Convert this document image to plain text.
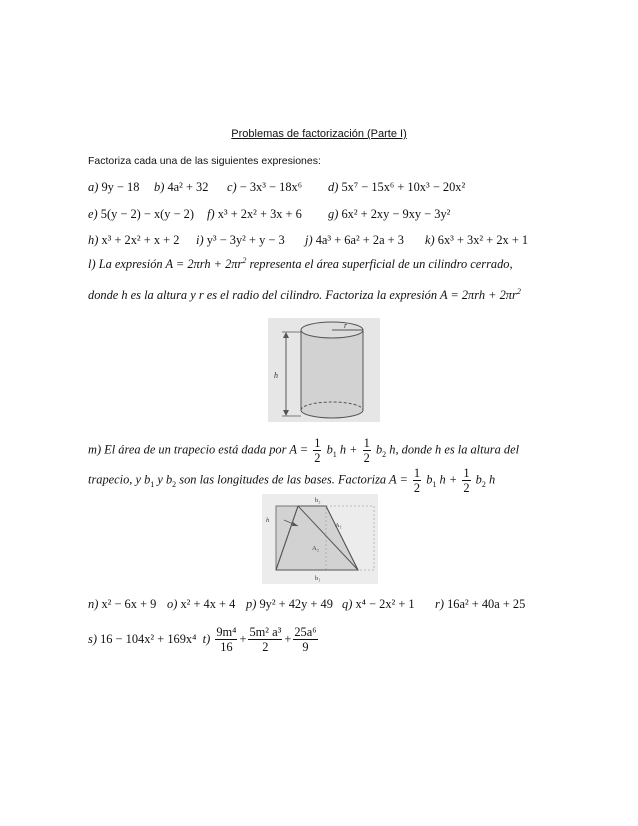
Problemas de factorización (Parte I)
Factoriza cada una de las siguientes expresiones:
a) 9y − 18 b) 4a² + 32 c) − 3x³ − 18x⁶ d) 5x⁷ − 15x⁶ + 10x³ − 20x²
e) 5(y − 2) − x(y − 2) f) x³ + 2x² + 3x + 6 g) 6x² + 2xy − 9xy − 3y²
h) x³ + 2x² + x + 2 i) y³ − 3y² + y − 3 j) 4a³ + 6a² + 2a + 3 k) 6x³ + 3x² + 2x + 1
l) La expresión $A = 2\pi rh + 2\pi r^2$ representa el área superficial de un cilindro cerrado,
donde h es la altura y r es el radio del cilindro. Factoriza la expresión $A = 2\pi rh + 2\pi r^2$
h
r
m) El área de un trapecio está dada por $A = \frac{1}{2} b_1$ $h + \frac{1}{2} b_2$ h, donde h es la altura del
trapecio, y $b_1$ y $b_2$ son las longitudes de las bases. Factoriza $A = \frac{1}{2} b_1$ $h + \frac{1}{2} b_2$ h
b₂
b₁
h
A₁
A₂
n) x² − 6x + 9 o) x² + 4x + 4 p) 9y² + 42y + 49 q) x⁴ − 2x² + 1 r) 16a² + 40a + 25
s)
16 − 104x² + 169x⁴
t)
$\frac{\text{9m⁴}}{16} + \frac{\text{5m² a³}}{2} + \frac{\text{25a⁶}}{9}$
